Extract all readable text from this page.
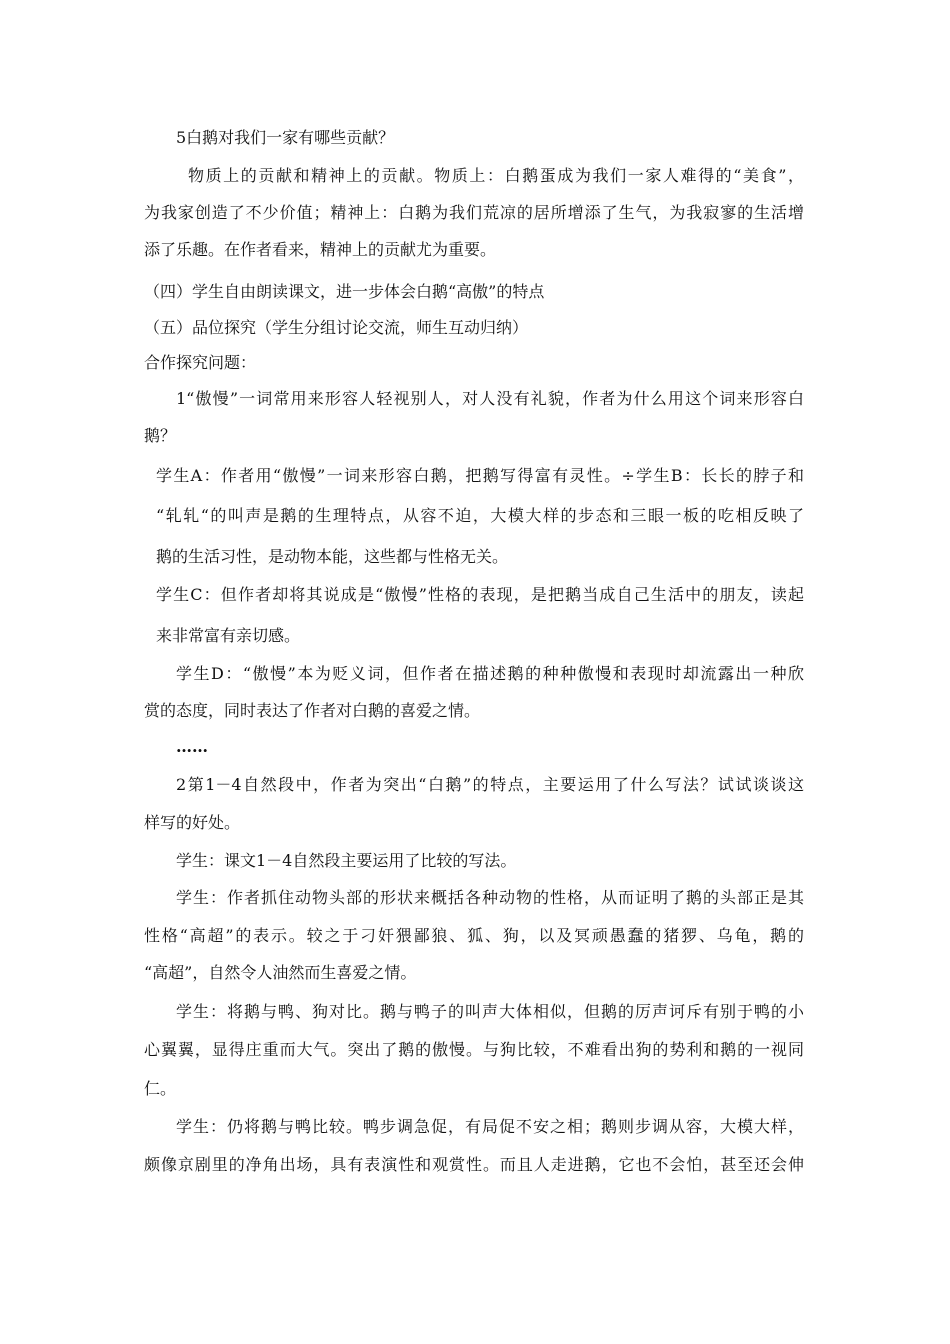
5白鹅对我们一家有哪些贡献？
物质上的贡献和精神上的贡献。物质上：白鹅蛋成为我们一家人难得的“美食”，
为我家创造了不少价值；精神上：白鹅为我们荒凉的居所增添了生气，为我寂寥的生活增
添了乐趣。在作者看来，精神上的贡献尤为重要。
（四）学生自由朗读课文，进一步体会白鹅“高傲”的特点
（五）品位探究（学生分组讨论交流，师生互动归纳）
合作探究问题：
1“傲慢”一词常用来形容人轻视别人，对人没有礼貌，作者为什么用这个词来形容白
鹅？
学生A：作者用“傲慢”一词来形容白鹅，把鹅写得富有灵性。÷学生B：长长的脖子和
“轧轧“的叫声是鹅的生理特点，从容不迫，大模大样的步态和三眼一板的吃相反映了
鹅的生活习性，是动物本能，这些都与性格无关。
学生C：但作者却将其说成是“傲慢”性格的表现，是把鹅当成自己生活中的朋友，读起
来非常富有亲切感。
学生D：“傲慢”本为贬义词，但作者在描述鹅的种种傲慢和表现时却流露出一种欣
赏的态度，同时表达了作者对白鹅的喜爱之情。
……
2第1－4自然段中，作者为突出“白鹅”的特点，主要运用了什么写法？试试谈谈这
样写的好处。
学生：课文1－4自然段主要运用了比较的写法。
学生：作者抓住动物头部的形状来概括各种动物的性格，从而证明了鹅的头部正是其
性格“高超”的表示。较之于刁奸猥鄙狼、狐、狗，以及冥顽愚蠢的猪猡、乌龟，鹅的
“高超”，自然令人油然而生喜爱之情。
学生：将鹅与鸭、狗对比。鹅与鸭子的叫声大体相似，但鹅的厉声诃斥有别于鸭的小
心翼翼，显得庄重而大气。突出了鹅的傲慢。与狗比较，不难看出狗的势利和鹅的一视同
仁。
学生：仍将鹅与鸭比较。鸭步调急促，有局促不安之相；鹅则步调从容，大模大样，
颇像京剧里的净角出场，具有表演性和观赏性。而且人走进鹅，它也不会怕，甚至还会伸
